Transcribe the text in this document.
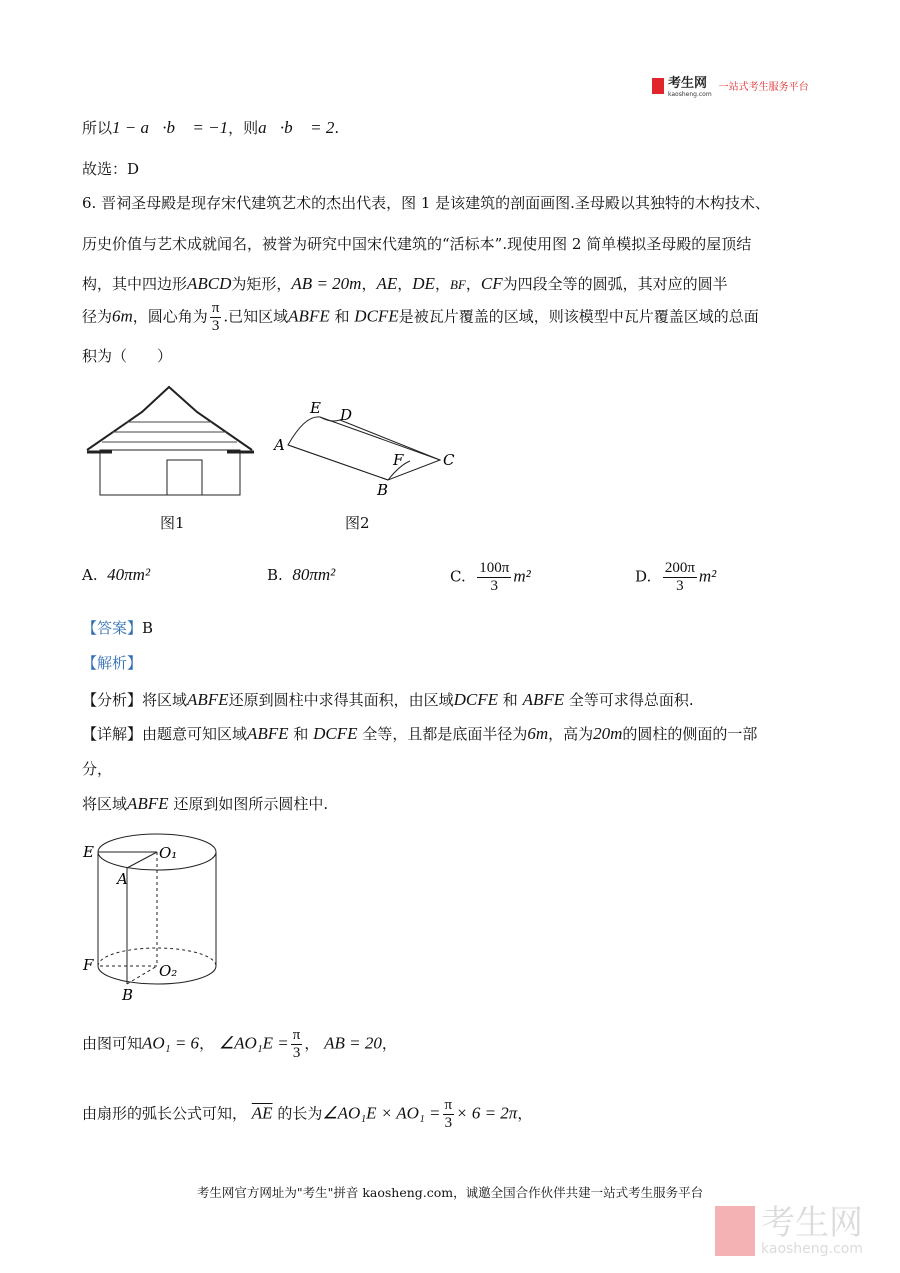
考生网
kaosheng.com
一站式考生服务平台
所以1 − a⃗·b⃗ = −1，则a⃗·b⃗ = 2.
故选：D
6. 晋祠圣母殿是现存宋代建筑艺术的杰出代表，图 1 是该建筑的剖面画图.圣母殿以其独特的木构技术、
历史价值与艺术成就闻名，被誉为研究中国宋代建筑的“活标本”.现使用图 2 简单模拟圣母殿的屋顶结
构，其中四边形ABCD为矩形，AB = 20m，AE，DE，BF，CF为四段全等的圆弧，其对应的圆半
径为6m，圆心角为 $\frac{\pi}{3}$ .已知区域ABFE 和 DCFE是被瓦片覆盖的区域，则该模型中瓦片覆盖区域的总面
积为（　　）
E D
A
F	C
B
图1	图2
A. 40πm²	B. 80πm²	C. $\frac{100\pi}{3} m^2$	D. $\frac{200\pi}{3} m^2$
【答案】B
【解析】
【分析】将区域ABFE还原到圆柱中求得其面积，由区域DCFE 和 ABFE 全等可求得总面积.
【详解】由题意可知区域ABFE 和 DCFE 全等，且都是底面半径为6m，高为20m的圆柱的侧面的一部
分，
将区域ABFE 还原到如图所示圆柱中.
E	O₁
A
F	O₂
B
由图可知AO₁ = 6， ∠AO₁E = $\frac{\pi}{3}$ ， AB = 20，
由扇形的弧长公式可知， $\overline{AE}$ 的长为∠AO₁E × $AO_1 = \frac{\pi}{3} \times 6 = 2\pi$，
考生网官方网址为"考生"拼音 kaosheng.com，诚邀全国合作伙伴共建一站式考生服务平台
考生网
kaosheng.com
